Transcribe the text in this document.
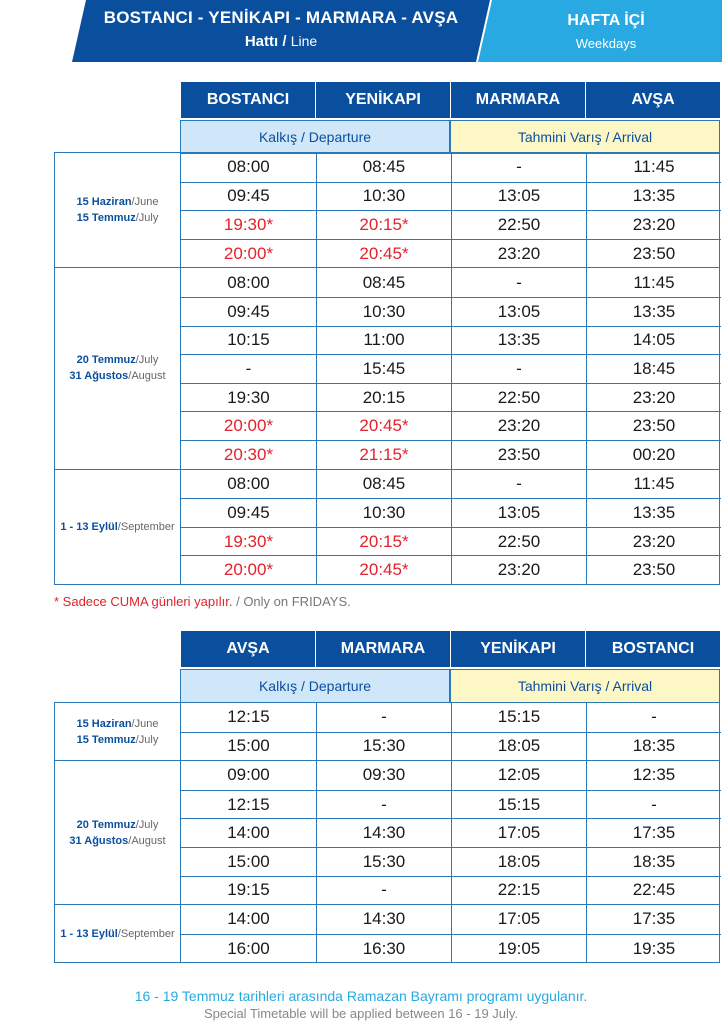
BOSTANCI - YENİKAPI - MARMARA - AVŞA
Hattı / Line
HAFTA İÇİ
Weekdays
BOSTANCI	YENİKAPI	MARMARA	AVŞA
Kalkış / Departure	Tahmini Varış / Arrival
15 Haziran/June
15 Temmuz/July
08:00	08:45	-	11:45
09:45	10:30	13:05	13:35
19:30*	20:15*	22:50	23:20
20:00*	20:45*	23:20	23:50
20 Temmuz/July
31 Ağustos/August
08:00	08:45	-	11:45
09:45	10:30	13:05	13:35
10:15	11:00	13:35	14:05
-	15:45	-	18:45
19:30	20:15	22:50	23:20
20:00*	20:45*	23:20	23:50
20:30*	21:15*	23:50	00:20
1 - 13 Eylül/September
08:00	08:45	-	11:45
09:45	10:30	13:05	13:35
19:30*	20:15*	22:50	23:20
20:00*	20:45*	23:20	23:50
* Sadece CUMA günleri yapılır. / Only on FRIDAYS.
AVŞA	MARMARA	YENİKAPI	BOSTANCI
Kalkış / Departure	Tahmini Varış / Arrival
15 Haziran/June
15 Temmuz/July
12:15	-	15:15	-
15:00	15:30	18:05	18:35
20 Temmuz/July
31 Ağustos/August
09:00	09:30	12:05	12:35
12:15	-	15:15	-
14:00	14:30	17:05	17:35
15:00	15:30	18:05	18:35
19:15	-	22:15	22:45
1 - 13 Eylül/September
14:00	14:30	17:05	17:35
16:00	16:30	19:05	19:35
16 - 19 Temmuz tarihleri arasında Ramazan Bayramı programı uygulanır.
Special Timetable will be applied between 16 - 19 July.
